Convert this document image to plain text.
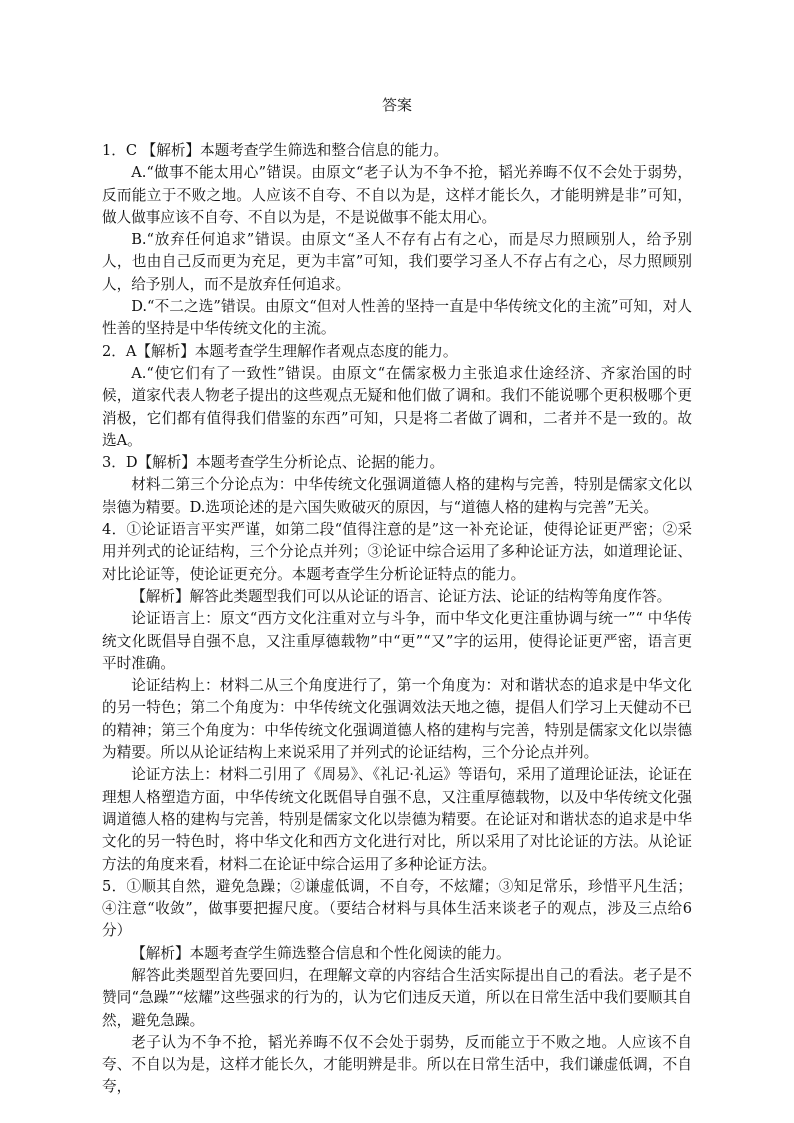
答案

1．C 【解析】本题考查学生筛选和整合信息的能力。

A.“做事不能太用心”错误。由原文“老子认为不争不抢，韬光养晦不仅不会处于弱势，反而能立于不败之地。人应该不自夸、不自以为是，这样才能长久，才能明辨是非”可知，做人做事应该不自夸、不自以为是，不是说做事不能太用心。

B.“放弃任何追求”错误。由原文“圣人不存有占有之心，而是尽力照顾别人，给予别人，也由自己反而更为充足，更为丰富”可知，我们要学习圣人不存占有之心，尽力照顾别人，给予别人，而不是放弃任何追求。

D.“不二之选”错误。由原文“但对人性善的坚持一直是中华传统文化的主流”可知，对人性善的坚持是中华传统文化的主流。

2．A【解析】本题考查学生理解作者观点态度的能力。

A.“使它们有了一致性”错误。由原文“在儒家极力主张追求仕途经济、齐家治国的时候，道家代表人物老子提出的这些观点无疑和他们做了调和。我们不能说哪个更积极哪个更消极，它们都有值得我们借鉴的东西”可知，只是将二者做了调和，二者并不是一致的。故选A。

3．D【解析】本题考查学生分析论点、论据的能力。

材料二第三个分论点为：中华传统文化强调道德人格的建构与完善，特别是儒家文化以崇德为精要。D.选项论述的是六国失败破灭的原因，与“道德人格的建构与完善”无关。

4．①论证语言平实严谨，如第二段“值得注意的是”这一补充论证，使得论证更严密；②采用并列式的论证结构，三个分论点并列；③论证中综合运用了多种论证方法，如道理论证、对比论证等，使论证更充分。本题考查学生分析论证特点的能力。

【解析】解答此类题型我们可以从论证的语言、论证方法、论证的结构等角度作答。

论证语言上：原文“西方文化注重对立与斗争，而中华文化更注重协调与统一”“ 中华传统文化既倡导自强不息，又注重厚德载物”中“更”“又”字的运用，使得论证更严密，语言更平时准确。

论证结构上：材料二从三个角度进行了，第一个角度为：对和谐状态的追求是中华文化的另一特色；第二个角度为：中华传统文化强调效法天地之德，提倡人们学习上天健动不已的精神；第三个角度为：中华传统文化强调道德人格的建构与完善，特别是儒家文化以崇德为精要。所以从论证结构上来说采用了并列式的论证结构，三个分论点并列。

论证方法上：材料二引用了《周易》、《礼记·礼运》等语句，采用了道理论证法，论证在理想人格塑造方面，中华传统文化既倡导自强不息，又注重厚德载物，以及中华传统文化强调道德人格的建构与完善，特别是儒家文化以崇德为精要。在论证对和谐状态的追求是中华文化的另一特色时，将中华文化和西方文化进行对比，所以采用了对比论证的方法。从论证方法的角度来看，材料二在论证中综合运用了多种论证方法。

5．①顺其自然，避免急躁；②谦虚低调，不自夸，不炫耀；③知足常乐，珍惜平凡生活；④注意“收敛”，做事要把握尺度。（要结合材料与具体生活来谈老子的观点，涉及三点给6分）

【解析】本题考查学生筛选整合信息和个性化阅读的能力。

解答此类题型首先要回归，在理解文章的内容结合生活实际提出自己的看法。老子是不赞同“急躁”“炫耀”这些强求的行为的，认为它们违反天道，所以在日常生活中我们要顺其自然，避免急躁。

老子认为不争不抢，韬光养晦不仅不会处于弱势，反而能立于不败之地。人应该不自夸、不自以为是，这样才能长久，才能明辨是非。所以在日常生活中，我们谦虚低调，不自夸，
